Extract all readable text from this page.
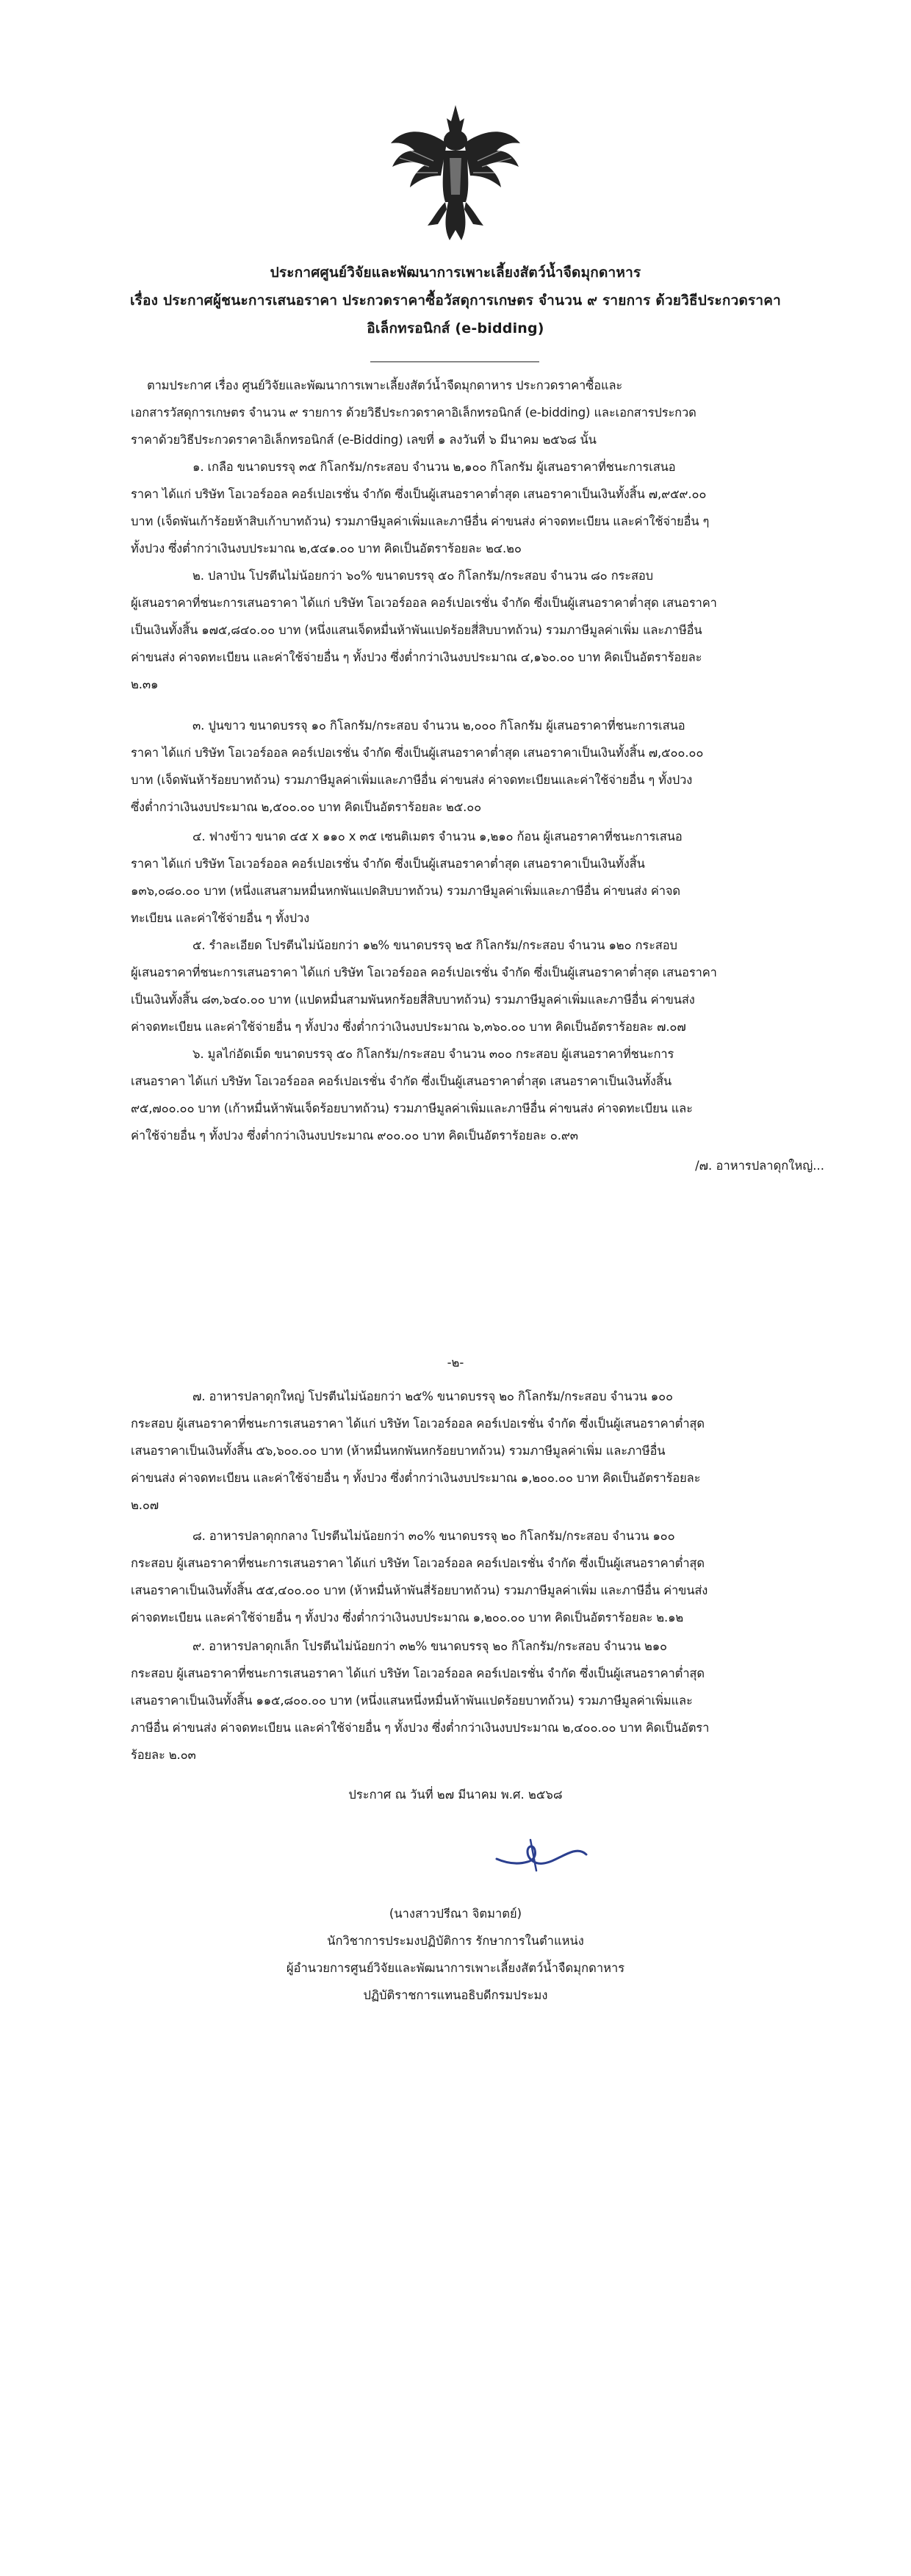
ประกาศศูนย์วิจัยและพัฒนาการเพาะเลี้ยงสัตว์น้ำจืดมุกดาหาร
เรื่อง ประกาศผู้ชนะการเสนอราคา ประกวดราคาซื้อวัสดุการเกษตร จำนวน ๙ รายการ ด้วยวิธีประกวดราคา
อิเล็กทรอนิกส์ (e-bidding)
ตามประกาศ เรื่อง ศูนย์วิจัยและพัฒนาการเพาะเลี้ยงสัตว์น้ำจืดมุกดาหาร ประกวดราคาซื้อและ
เอกสารวัสดุการเกษตร จำนวน ๙ รายการ ด้วยวิธีประกวดราคาอิเล็กทรอนิกส์ (e-bidding) และเอกสารประกวด
ราคาด้วยวิธีประกวดราคาอิเล็กทรอนิกส์ (e-Bidding) เลขที่ ๑ ลงวันที่ ๖ มีนาคม ๒๕๖๘ นั้น
๑. เกลือ ขนาดบรรจุ ๓๕ กิโลกรัม/กระสอบ จำนวน ๒,๑๐๐ กิโลกรัม ผู้เสนอราคาที่ชนะการเสนอ
ราคา ได้แก่ บริษัท โอเวอร์ออล คอร์เปอเรชั่น จำกัด ซึ่งเป็นผู้เสนอราคาต่ำสุด เสนอราคาเป็นเงินทั้งสิ้น ๗,๙๕๙.๐๐
บาท (เจ็ดพันเก้าร้อยห้าสิบเก้าบาทถ้วน) รวมภาษีมูลค่าเพิ่มและภาษีอื่น ค่าขนส่ง ค่าจดทะเบียน และค่าใช้จ่ายอื่น ๆ
ทั้งปวง ซึ่งต่ำกว่าเงินงบประมาณ ๒,๕๔๑.๐๐ บาท คิดเป็นอัตราร้อยละ ๒๔.๒๐
๒. ปลาป่น โปรตีนไม่น้อยกว่า ๖๐% ขนาดบรรจุ ๕๐ กิโลกรัม/กระสอบ จำนวน ๘๐ กระสอบ
ผู้เสนอราคาที่ชนะการเสนอราคา ได้แก่ บริษัท โอเวอร์ออล คอร์เปอเรชั่น จำกัด ซึ่งเป็นผู้เสนอราคาต่ำสุด เสนอราคา
เป็นเงินทั้งสิ้น ๑๗๕,๘๔๐.๐๐ บาท (หนึ่งแสนเจ็ดหมื่นห้าพันแปดร้อยสี่สิบบาทถ้วน) รวมภาษีมูลค่าเพิ่ม และภาษีอื่น
ค่าขนส่ง ค่าจดทะเบียน และค่าใช้จ่ายอื่น ๆ ทั้งปวง ซึ่งต่ำกว่าเงินงบประมาณ ๔,๑๖๐.๐๐ บาท คิดเป็นอัตราร้อยละ
๒.๓๑
๓. ปูนขาว ขนาดบรรจุ ๑๐ กิโลกรัม/กระสอบ จำนวน ๒,๐๐๐ กิโลกรัม ผู้เสนอราคาที่ชนะการเสนอ
ราคา ได้แก่ บริษัท โอเวอร์ออล คอร์เปอเรชั่น จำกัด ซึ่งเป็นผู้เสนอราคาต่ำสุด เสนอราคาเป็นเงินทั้งสิ้น ๗,๕๐๐.๐๐
บาท (เจ็ดพันห้าร้อยบาทถ้วน) รวมภาษีมูลค่าเพิ่มและภาษีอื่น ค่าขนส่ง ค่าจดทะเบียนและค่าใช้จ่ายอื่น ๆ ทั้งปวง
ซึ่งต่ำกว่าเงินงบประมาณ ๒,๕๐๐.๐๐ บาท คิดเป็นอัตราร้อยละ ๒๕.๐๐
๔. ฟางข้าว ขนาด ๔๕ x ๑๑๐ x ๓๕ เซนติเมตร จำนวน ๑,๒๑๐ ก้อน ผู้เสนอราคาที่ชนะการเสนอ
ราคา ได้แก่ บริษัท โอเวอร์ออล คอร์เปอเรชั่น จำกัด ซึ่งเป็นผู้เสนอราคาต่ำสุด เสนอราคาเป็นเงินทั้งสิ้น
๑๓๖,๐๘๐.๐๐ บาท (หนึ่งแสนสามหมื่นหกพันแปดสิบบาทถ้วน) รวมภาษีมูลค่าเพิ่มและภาษีอื่น ค่าขนส่ง ค่าจด
ทะเบียน และค่าใช้จ่ายอื่น ๆ ทั้งปวง
๕. รำละเอียด โปรตีนไม่น้อยกว่า ๑๒% ขนาดบรรจุ ๒๕ กิโลกรัม/กระสอบ จำนวน ๑๒๐ กระสอบ
ผู้เสนอราคาที่ชนะการเสนอราคา ได้แก่ บริษัท โอเวอร์ออล คอร์เปอเรชั่น จำกัด ซึ่งเป็นผู้เสนอราคาต่ำสุด เสนอราคา
เป็นเงินทั้งสิ้น ๘๓,๖๔๐.๐๐ บาท (แปดหมื่นสามพันหกร้อยสี่สิบบาทถ้วน) รวมภาษีมูลค่าเพิ่มและภาษีอื่น ค่าขนส่ง
ค่าจดทะเบียน และค่าใช้จ่ายอื่น ๆ ทั้งปวง ซึ่งต่ำกว่าเงินงบประมาณ ๖,๓๖๐.๐๐ บาท คิดเป็นอัตราร้อยละ ๗.๐๗
๖. มูลไก่อัดเม็ด ขนาดบรรจุ ๕๐ กิโลกรัม/กระสอบ จำนวน ๓๐๐ กระสอบ ผู้เสนอราคาที่ชนะการ
เสนอราคา ได้แก่ บริษัท โอเวอร์ออล คอร์เปอเรชั่น จำกัด ซึ่งเป็นผู้เสนอราคาต่ำสุด เสนอราคาเป็นเงินทั้งสิ้น
๙๕,๗๐๐.๐๐ บาท (เก้าหมื่นห้าพันเจ็ดร้อยบาทถ้วน) รวมภาษีมูลค่าเพิ่มและภาษีอื่น ค่าขนส่ง ค่าจดทะเบียน และ
ค่าใช้จ่ายอื่น ๆ ทั้งปวง ซึ่งต่ำกว่าเงินงบประมาณ ๙๐๐.๐๐ บาท คิดเป็นอัตราร้อยละ ๐.๙๓
/๗. อาหารปลาดุกใหญ่...
-๒-
๗. อาหารปลาดุกใหญ่ โปรตีนไม่น้อยกว่า ๒๕% ขนาดบรรจุ ๒๐ กิโลกรัม/กระสอบ จำนวน ๑๐๐
กระสอบ ผู้เสนอราคาที่ชนะการเสนอราคา ได้แก่ บริษัท โอเวอร์ออล คอร์เปอเรชั่น จำกัด ซึ่งเป็นผู้เสนอราคาต่ำสุด
เสนอราคาเป็นเงินทั้งสิ้น ๕๖,๖๐๐.๐๐ บาท (ห้าหมื่นหกพันหกร้อยบาทถ้วน) รวมภาษีมูลค่าเพิ่ม และภาษีอื่น
ค่าขนส่ง ค่าจดทะเบียน และค่าใช้จ่ายอื่น ๆ ทั้งปวง ซึ่งต่ำกว่าเงินงบประมาณ ๑,๒๐๐.๐๐ บาท คิดเป็นอัตราร้อยละ
๒.๐๗
๘. อาหารปลาดุกกลาง โปรตีนไม่น้อยกว่า ๓๐% ขนาดบรรจุ ๒๐ กิโลกรัม/กระสอบ จำนวน ๑๐๐
กระสอบ ผู้เสนอราคาที่ชนะการเสนอราคา ได้แก่ บริษัท โอเวอร์ออล คอร์เปอเรชั่น จำกัด ซึ่งเป็นผู้เสนอราคาต่ำสุด
เสนอราคาเป็นเงินทั้งสิ้น ๕๕,๔๐๐.๐๐ บาท (ห้าหมื่นห้าพันสี่ร้อยบาทถ้วน) รวมภาษีมูลค่าเพิ่ม และภาษีอื่น ค่าขนส่ง
ค่าจดทะเบียน และค่าใช้จ่ายอื่น ๆ ทั้งปวง ซึ่งต่ำกว่าเงินงบประมาณ ๑,๒๐๐.๐๐ บาท คิดเป็นอัตราร้อยละ ๒.๑๒
๙. อาหารปลาดุกเล็ก โปรตีนไม่น้อยกว่า ๓๒% ขนาดบรรจุ ๒๐ กิโลกรัม/กระสอบ จำนวน ๒๑๐
กระสอบ ผู้เสนอราคาที่ชนะการเสนอราคา ได้แก่ บริษัท โอเวอร์ออล คอร์เปอเรชั่น จำกัด ซึ่งเป็นผู้เสนอราคาต่ำสุด
เสนอราคาเป็นเงินทั้งสิ้น ๑๑๕,๘๐๐.๐๐ บาท (หนึ่งแสนหนึ่งหมื่นห้าพันแปดร้อยบาทถ้วน) รวมภาษีมูลค่าเพิ่มและ
ภาษีอื่น ค่าขนส่ง ค่าจดทะเบียน และค่าใช้จ่ายอื่น ๆ ทั้งปวง ซึ่งต่ำกว่าเงินงบประมาณ ๒,๔๐๐.๐๐ บาท คิดเป็นอัตรา
ร้อยละ ๒.๐๓
ประกาศ ณ วันที่ ๒๗ มีนาคม พ.ศ. ๒๕๖๘
(นางสาวปรีณา จิตมาตย์)
นักวิชาการประมงปฏิบัติการ รักษาการในตำแหน่ง
ผู้อำนวยการศูนย์วิจัยและพัฒนาการเพาะเลี้ยงสัตว์น้ำจืดมุกดาหาร
ปฏิบัติราชการแทนอธิบดีกรมประมง
